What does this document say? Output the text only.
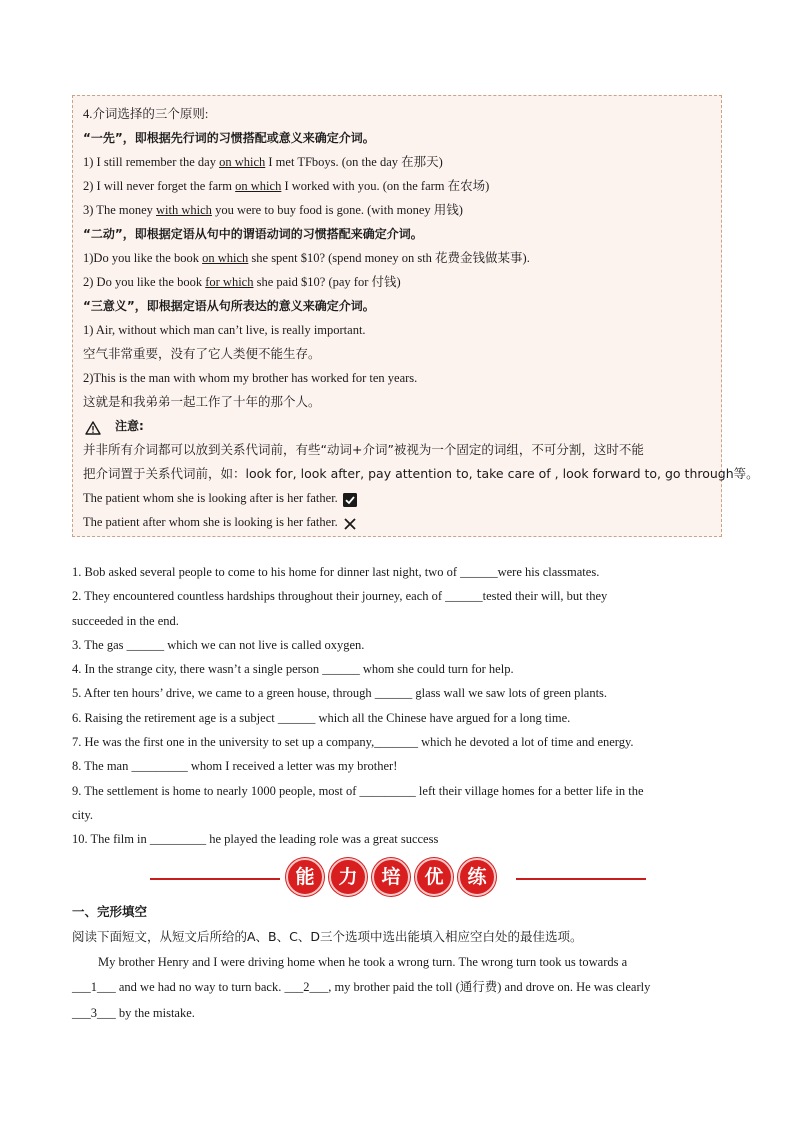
4.介词选择的三个原则:
“一先”，即根据先行词的习惯搭配或意义来确定介词。
1) I still remember the day on which I met TFboys. (on the day 在那天)
2) I will never forget the farm on which I worked with you. (on the farm 在农场)
3) The money with which you were to buy food is gone. (with money 用钱)
“二动”，即根据定语从句中的谓语动词的习惯搭配来确定介词。
1)Do you like the book on which she spent $10? (spend money on sth 花费金钱做某事).
2) Do you like the book for which she paid $10? (pay for 付钱)
“三意义”，即根据定语从句所表达的意义来确定介词。
1) Air, without which man can’t live, is really important.
空气非常重要，没有了它人类便不能生存。
2)This is the man with whom my brother has worked for ten years.
这就是和我弟弟一起工作了十年的那个人。
注意:
并非所有介词都可以放到关系代词前，有些“动词+介词”被视为一个固定的词组，不可分割，这时不能
把介词置于关系代词前，如：look for, look after, pay attention to, take care of , look forward to, go through等。
The patient whom she is looking after is her father.
The patient after whom she is looking is her father.
1. Bob asked several people to come to his home for dinner last night, two of ______were his classmates.
2. They encountered countless hardships throughout their journey, each of ______tested their will, but they
succeeded in the end.
3. The gas ______ which we can not live is called oxygen.
4. In the strange city, there wasn’t a single person ______ whom she could turn for help.
5. After ten hours’ drive, we came to a green house, through ______ glass wall we saw lots of green plants.
6. Raising the retirement age is a subject ______ which all the Chinese have argued for a long time.
7. He was the first one in the university to set up a company,_______ which he devoted a lot of time and energy.
8. The man _________ whom I received a letter was my brother!
9. The settlement is home to nearly 1000 people, most of _________ left their village homes for a better life in the
city.
10. The film in _________ he played the leading role was a great success
能	力	培	优	练
一、完形填空
阅读下面短文，从短文后所给的A、B、C、D三个选项中选出能填入相应空白处的最佳选项。
My brother Henry and I were driving home when he took a wrong turn. The wrong turn took us towards a
___1___ and we had no way to turn back. ___2___, my brother paid the toll (通行费) and drove on. He was clearly
___3___ by the mistake.
